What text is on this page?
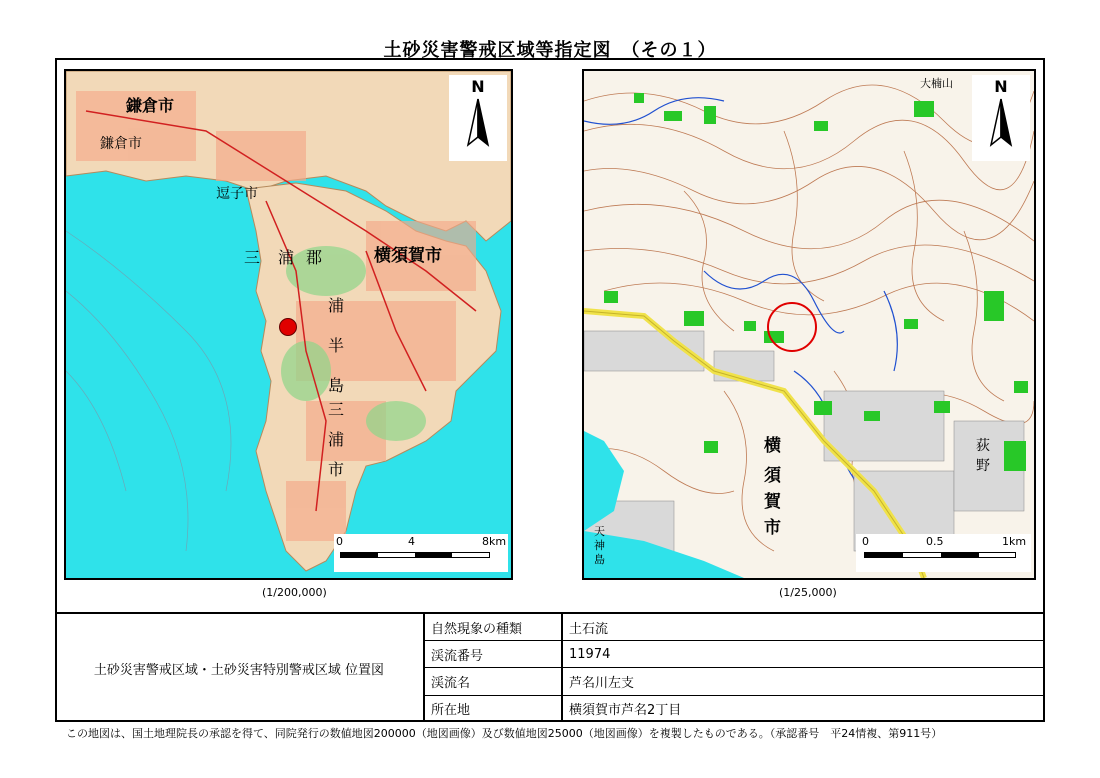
土砂災害警戒区域等指定図　（その１）
鎌倉市
鎌倉市
逗子市
横須賀市
三 浦 郡
浦
半
島
三
浦
市
N
0	4	8km
大楠山
横
須
賀
市
荻
野
天
神
島
N
0	0.5	1km
(1/200,000)	(1/25,000)
土砂災害警戒区域・土砂災害特別警戒区域 位置図
自然現象の種類	土石流
渓流番号	11974
渓流名	芦名川左支
所在地	横須賀市芦名2丁目
この地図は、国土地理院長の承認を得て、同院発行の数値地図200000（地図画像）及び数値地図25000（地図画像）を複製したものである。（承認番号　平24情複、第911号）
